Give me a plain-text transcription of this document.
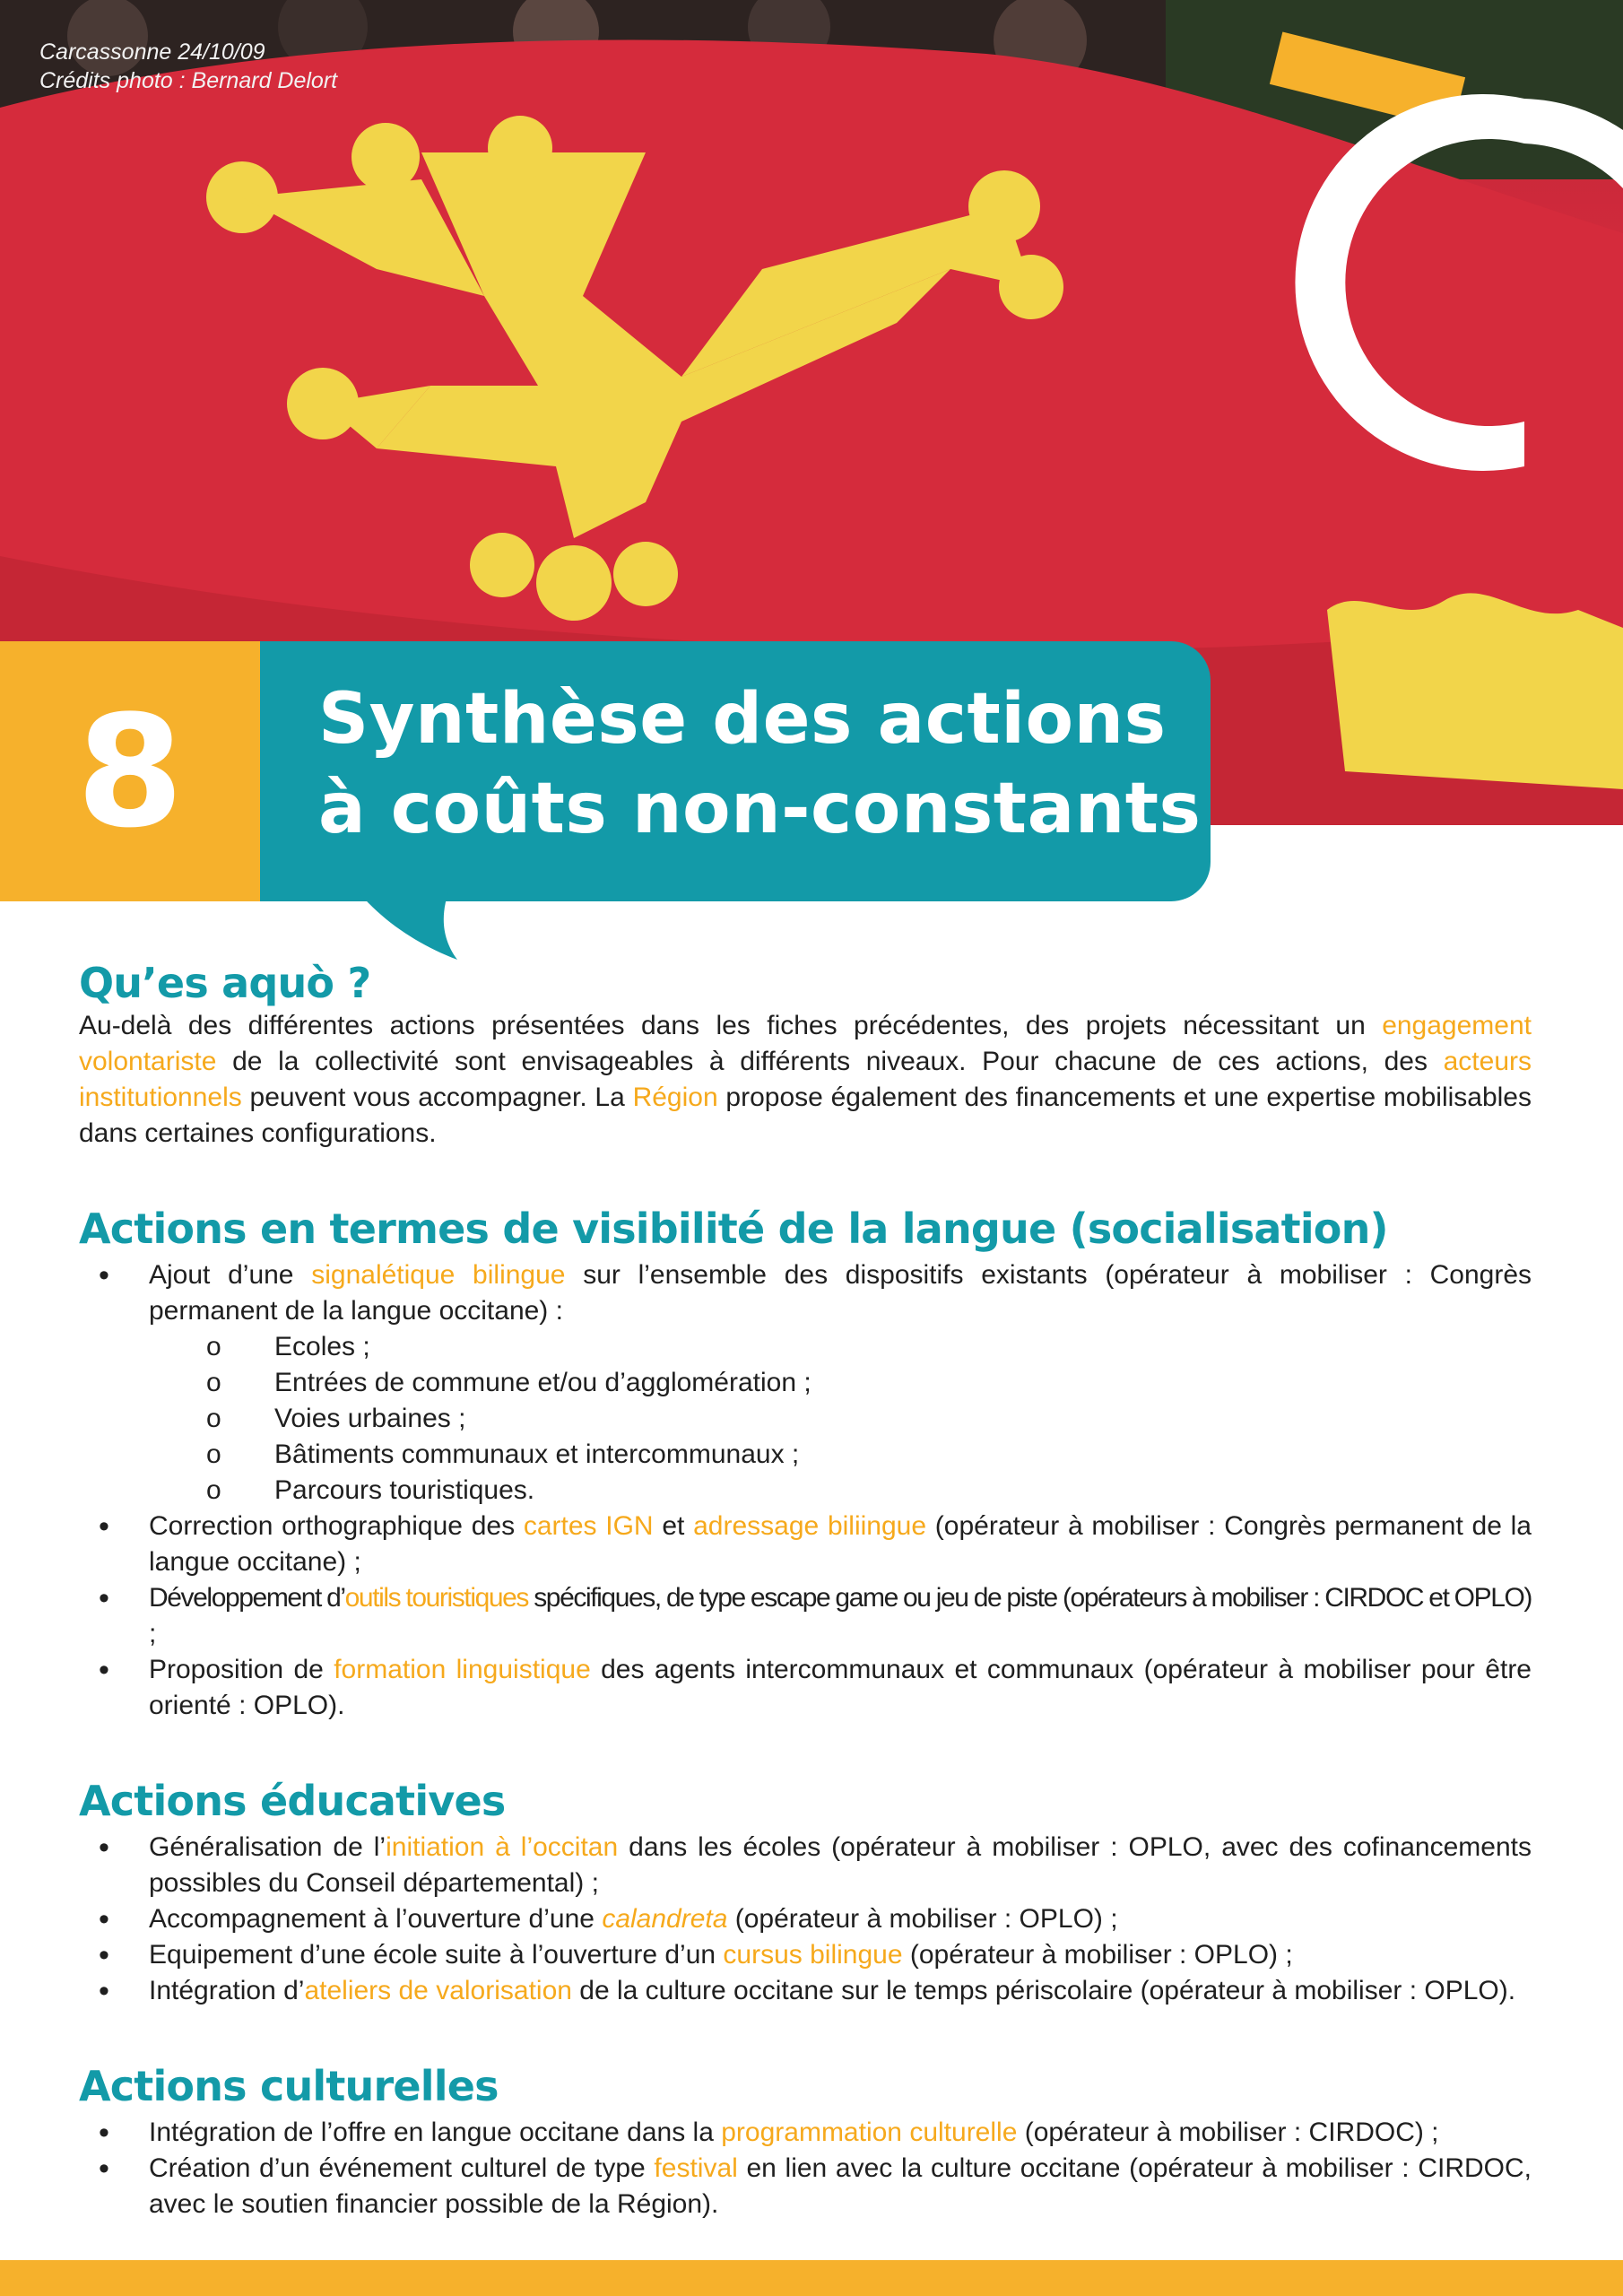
Carcassonne 24/10/09
Crédits photo : Bernard Delort
8 Synthèse des actions
à coûts non-constants
Qu’es aquò ?

Au-delà des différentes actions présentées dans les fiches précédentes, des projets nécessitant un engagement volontariste de la collectivité sont envisageables à différents niveaux. Pour chacune de ces actions, des acteurs institutionnels peuvent vous accompagner. La Région propose également des financements et une expertise mobilisables dans certaines configurations.

Actions en termes de visibilité de la langue (socialisation)
• Ajout d’une signalétique bilingue sur l’ensemble des dispositifs existants (opérateur à mobiliser : Congrès permanent de la langue occitane) :
o Ecoles ;
o Entrées de commune et/ou d’agglomération ;
o Voies urbaines ;
o Bâtiments communaux et intercommunaux ;
o Parcours touristiques.
• Correction orthographique des cartes IGN et adressage biliingue (opérateur à mobiliser : Congrès permanent de la langue occitane) ;
• Développement d’outils touristiques spécifiques, de type escape game ou jeu de piste (opérateurs à mobiliser : CIRDOC et OPLO) ;
• Proposition de formation linguistique des agents intercommunaux et communaux (opérateur à mobiliser pour être orienté : OPLO).
Actions éducatives
• Généralisation de l’initiation à l’occitan dans les écoles (opérateur à mobiliser : OPLO, avec des cofinancements possibles du Conseil départemental) ;
• Accompagnement à l’ouverture d’une calandreta (opérateur à mobiliser : OPLO) ;
• Equipement d’une école suite à l’ouverture d’un cursus bilingue (opérateur à mobiliser : OPLO) ;
• Intégration d’ateliers de valorisation de la culture occitane sur le temps périscolaire (opérateur à mobiliser : OPLO).
Actions culturelles
• Intégration de l’offre en langue occitane dans la programmation culturelle (opérateur à mobiliser : CIRDOC) ;
• Création d’un événement culturel de type festival en lien avec la culture occitane (opérateur à mobiliser : CIRDOC, avec le soutien financier possible de la Région).
